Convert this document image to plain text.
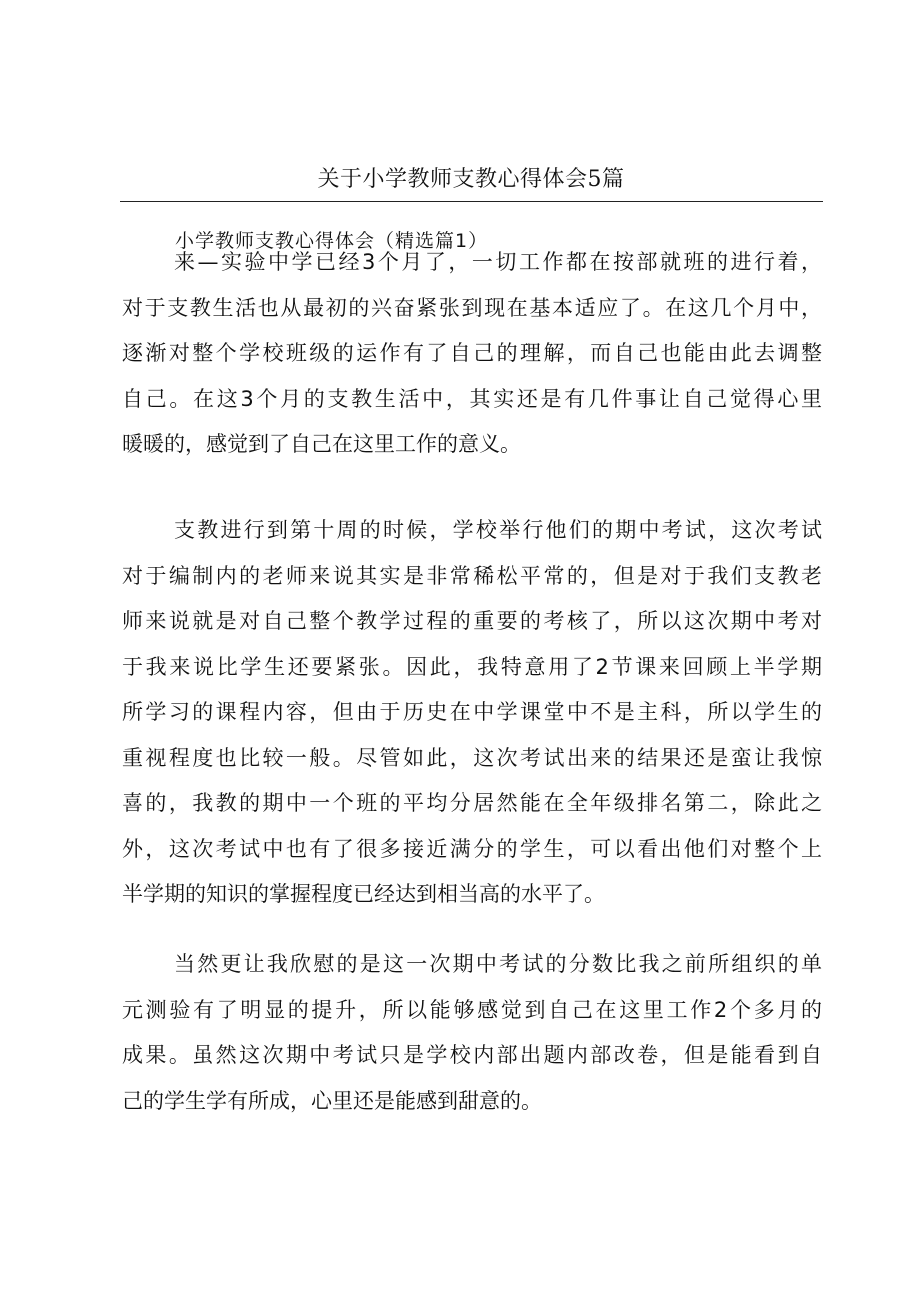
关于小学教师支教心得体会5篇
小学教师支教心得体会（精选篇1）
来—实验中学已经3个月了，一切工作都在按部就班的进行着，
对于支教生活也从最初的兴奋紧张到现在基本适应了。在这几个月中，
逐渐对整个学校班级的运作有了自己的理解，而自己也能由此去调整
自己。在这3个月的支教生活中，其实还是有几件事让自己觉得心里
暖暖的，感觉到了自己在这里工作的意义。
支教进行到第十周的时候，学校举行他们的期中考试，这次考试
对于编制内的老师来说其实是非常稀松平常的，但是对于我们支教老
师来说就是对自己整个教学过程的重要的考核了，所以这次期中考对
于我来说比学生还要紧张。因此，我特意用了2节课来回顾上半学期
所学习的课程内容，但由于历史在中学课堂中不是主科，所以学生的
重视程度也比较一般。尽管如此，这次考试出来的结果还是蛮让我惊
喜的，我教的期中一个班的平均分居然能在全年级排名第二，除此之
外，这次考试中也有了很多接近满分的学生，可以看出他们对整个上
半学期的知识的掌握程度已经达到相当高的水平了。
当然更让我欣慰的是这一次期中考试的分数比我之前所组织的单
元测验有了明显的提升，所以能够感觉到自己在这里工作2个多月的
成果。虽然这次期中考试只是学校内部出题内部改卷，但是能看到自
己的学生学有所成，心里还是能感到甜意的。
